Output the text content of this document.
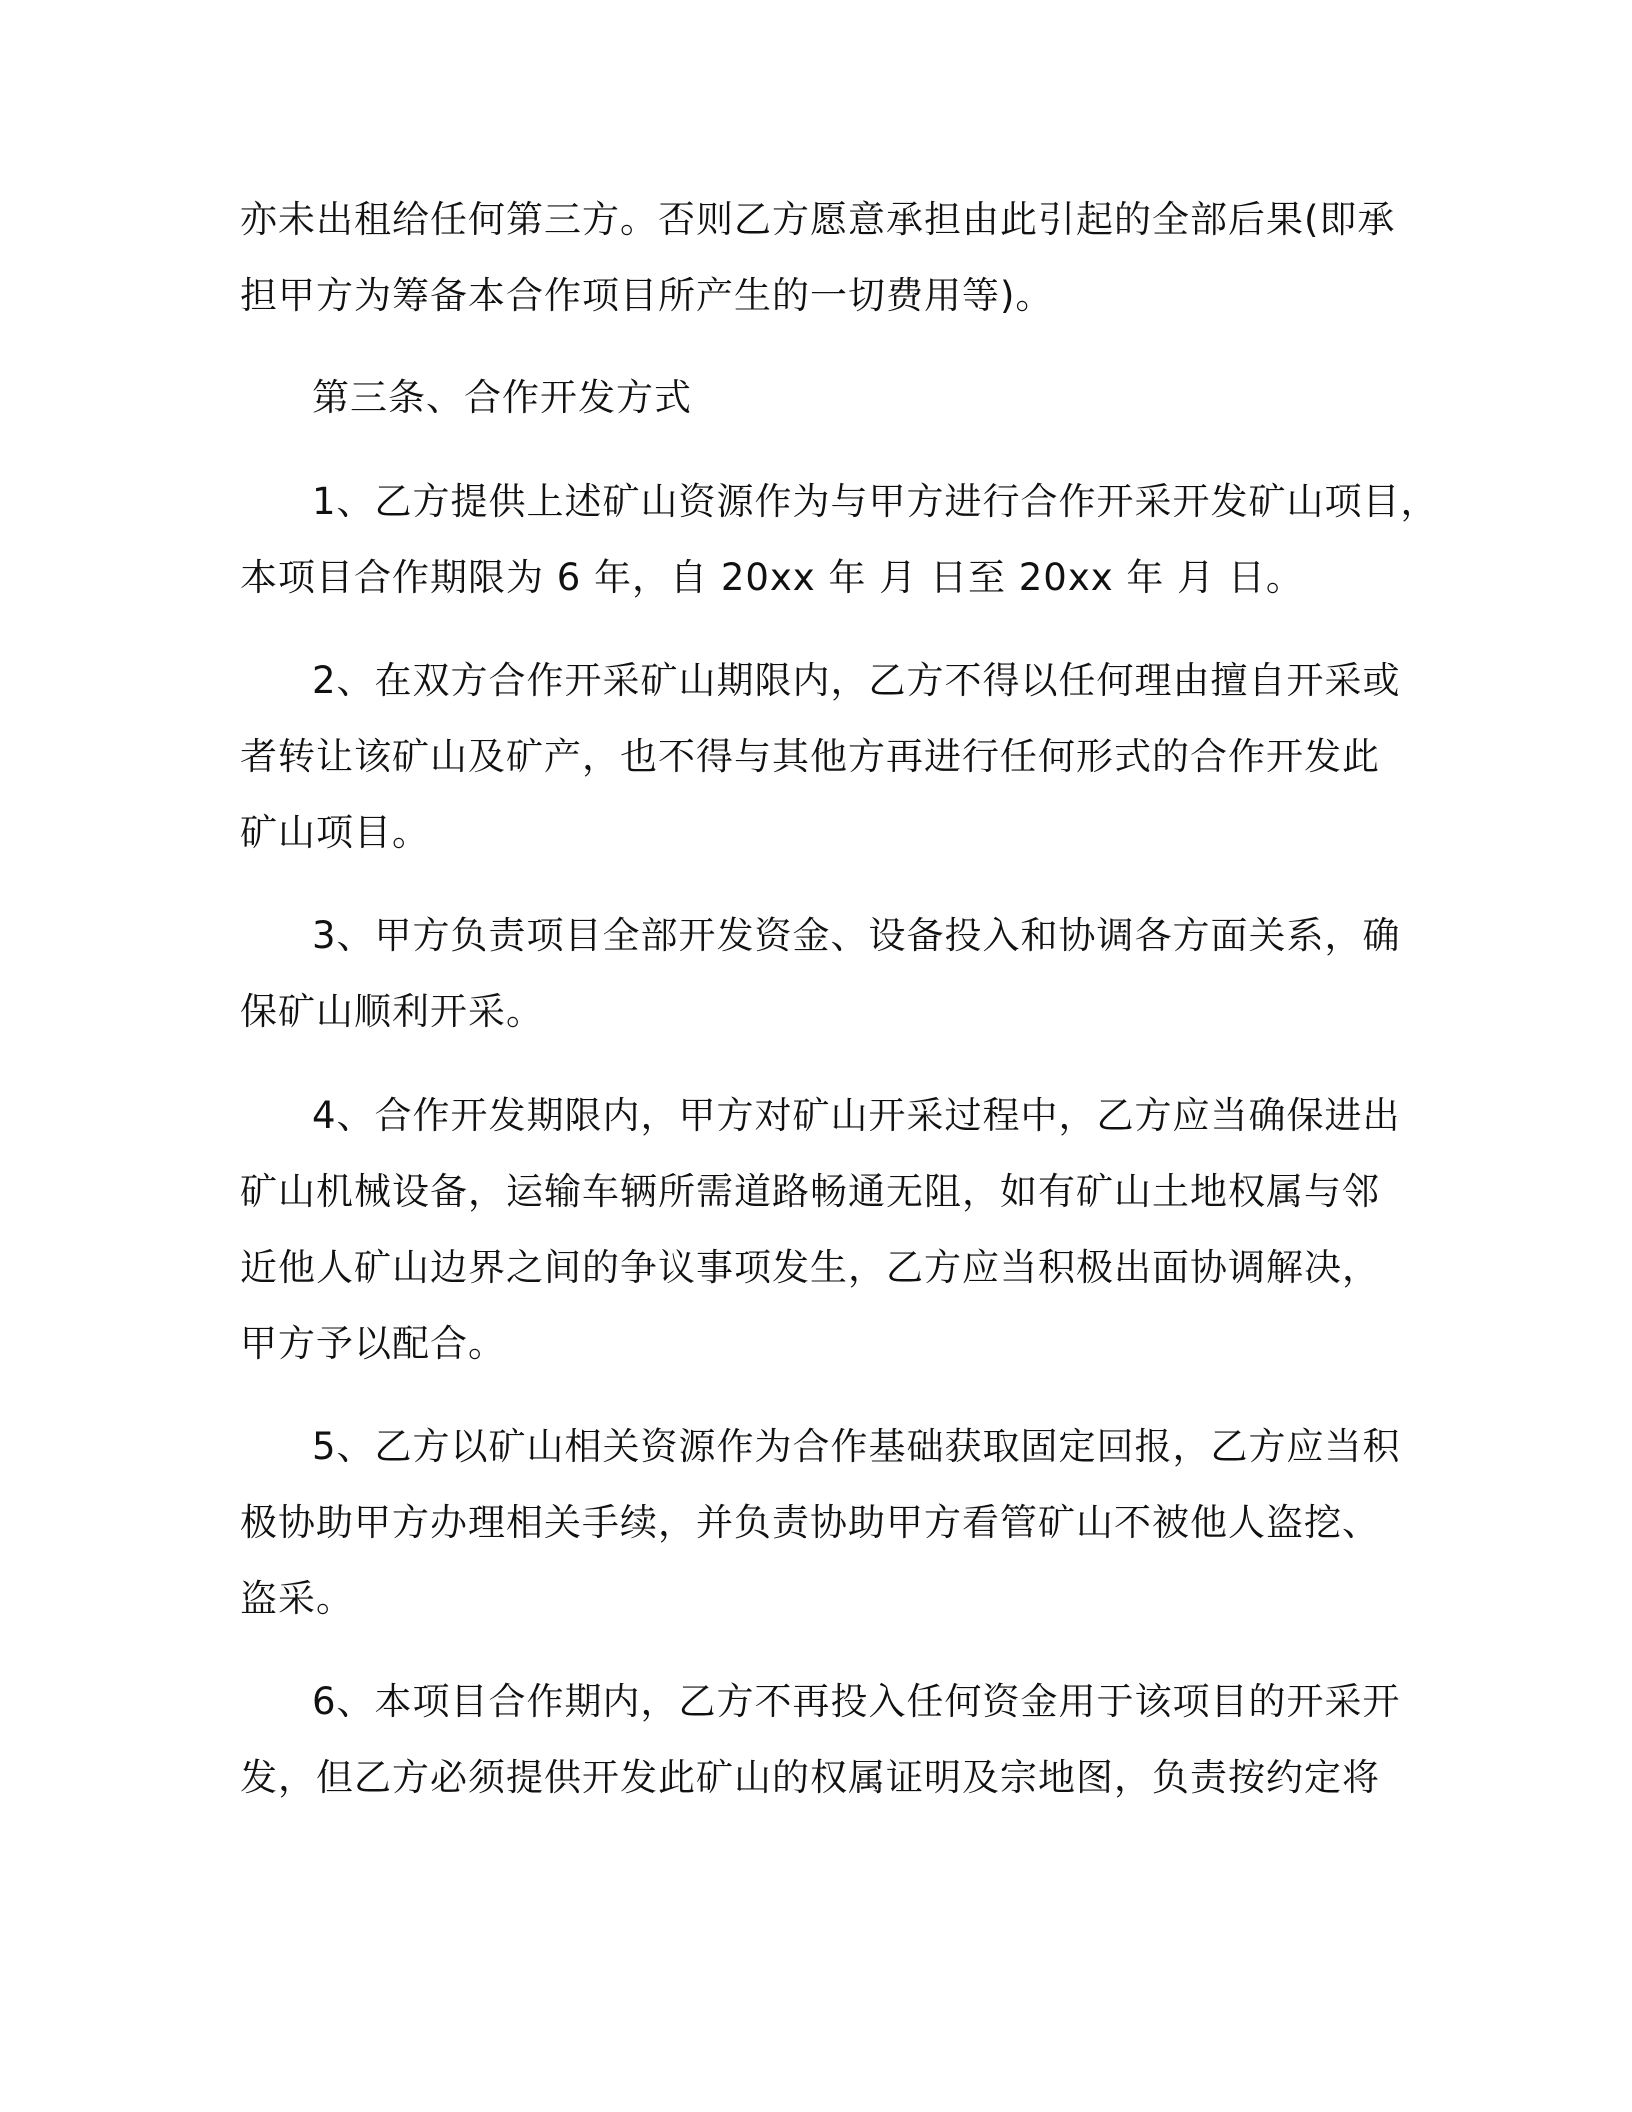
亦未出租给任何第三方。否则乙方愿意承担由此引起的全部后果(即承
担甲方为筹备本合作项目所产生的一切费用等)。
第三条、合作开发方式
1、乙方提供上述矿山资源作为与甲方进行合作开采开发矿山项目，
本项目合作期限为 6 年，自 20xx 年 月 日至 20xx 年 月 日。
2、在双方合作开采矿山期限内，乙方不得以任何理由擅自开采或
者转让该矿山及矿产，也不得与其他方再进行任何形式的合作开发此
矿山项目。
3、甲方负责项目全部开发资金、设备投入和协调各方面关系，确
保矿山顺利开采。
4、合作开发期限内，甲方对矿山开采过程中，乙方应当确保进出
矿山机械设备，运输车辆所需道路畅通无阻，如有矿山土地权属与邻
近他人矿山边界之间的争议事项发生，乙方应当积极出面协调解决，
甲方予以配合。
5、乙方以矿山相关资源作为合作基础获取固定回报，乙方应当积
极协助甲方办理相关手续，并负责协助甲方看管矿山不被他人盗挖、
盗采。
6、本项目合作期内，乙方不再投入任何资金用于该项目的开采开
发，但乙方必须提供开发此矿山的权属证明及宗地图，负责按约定将
